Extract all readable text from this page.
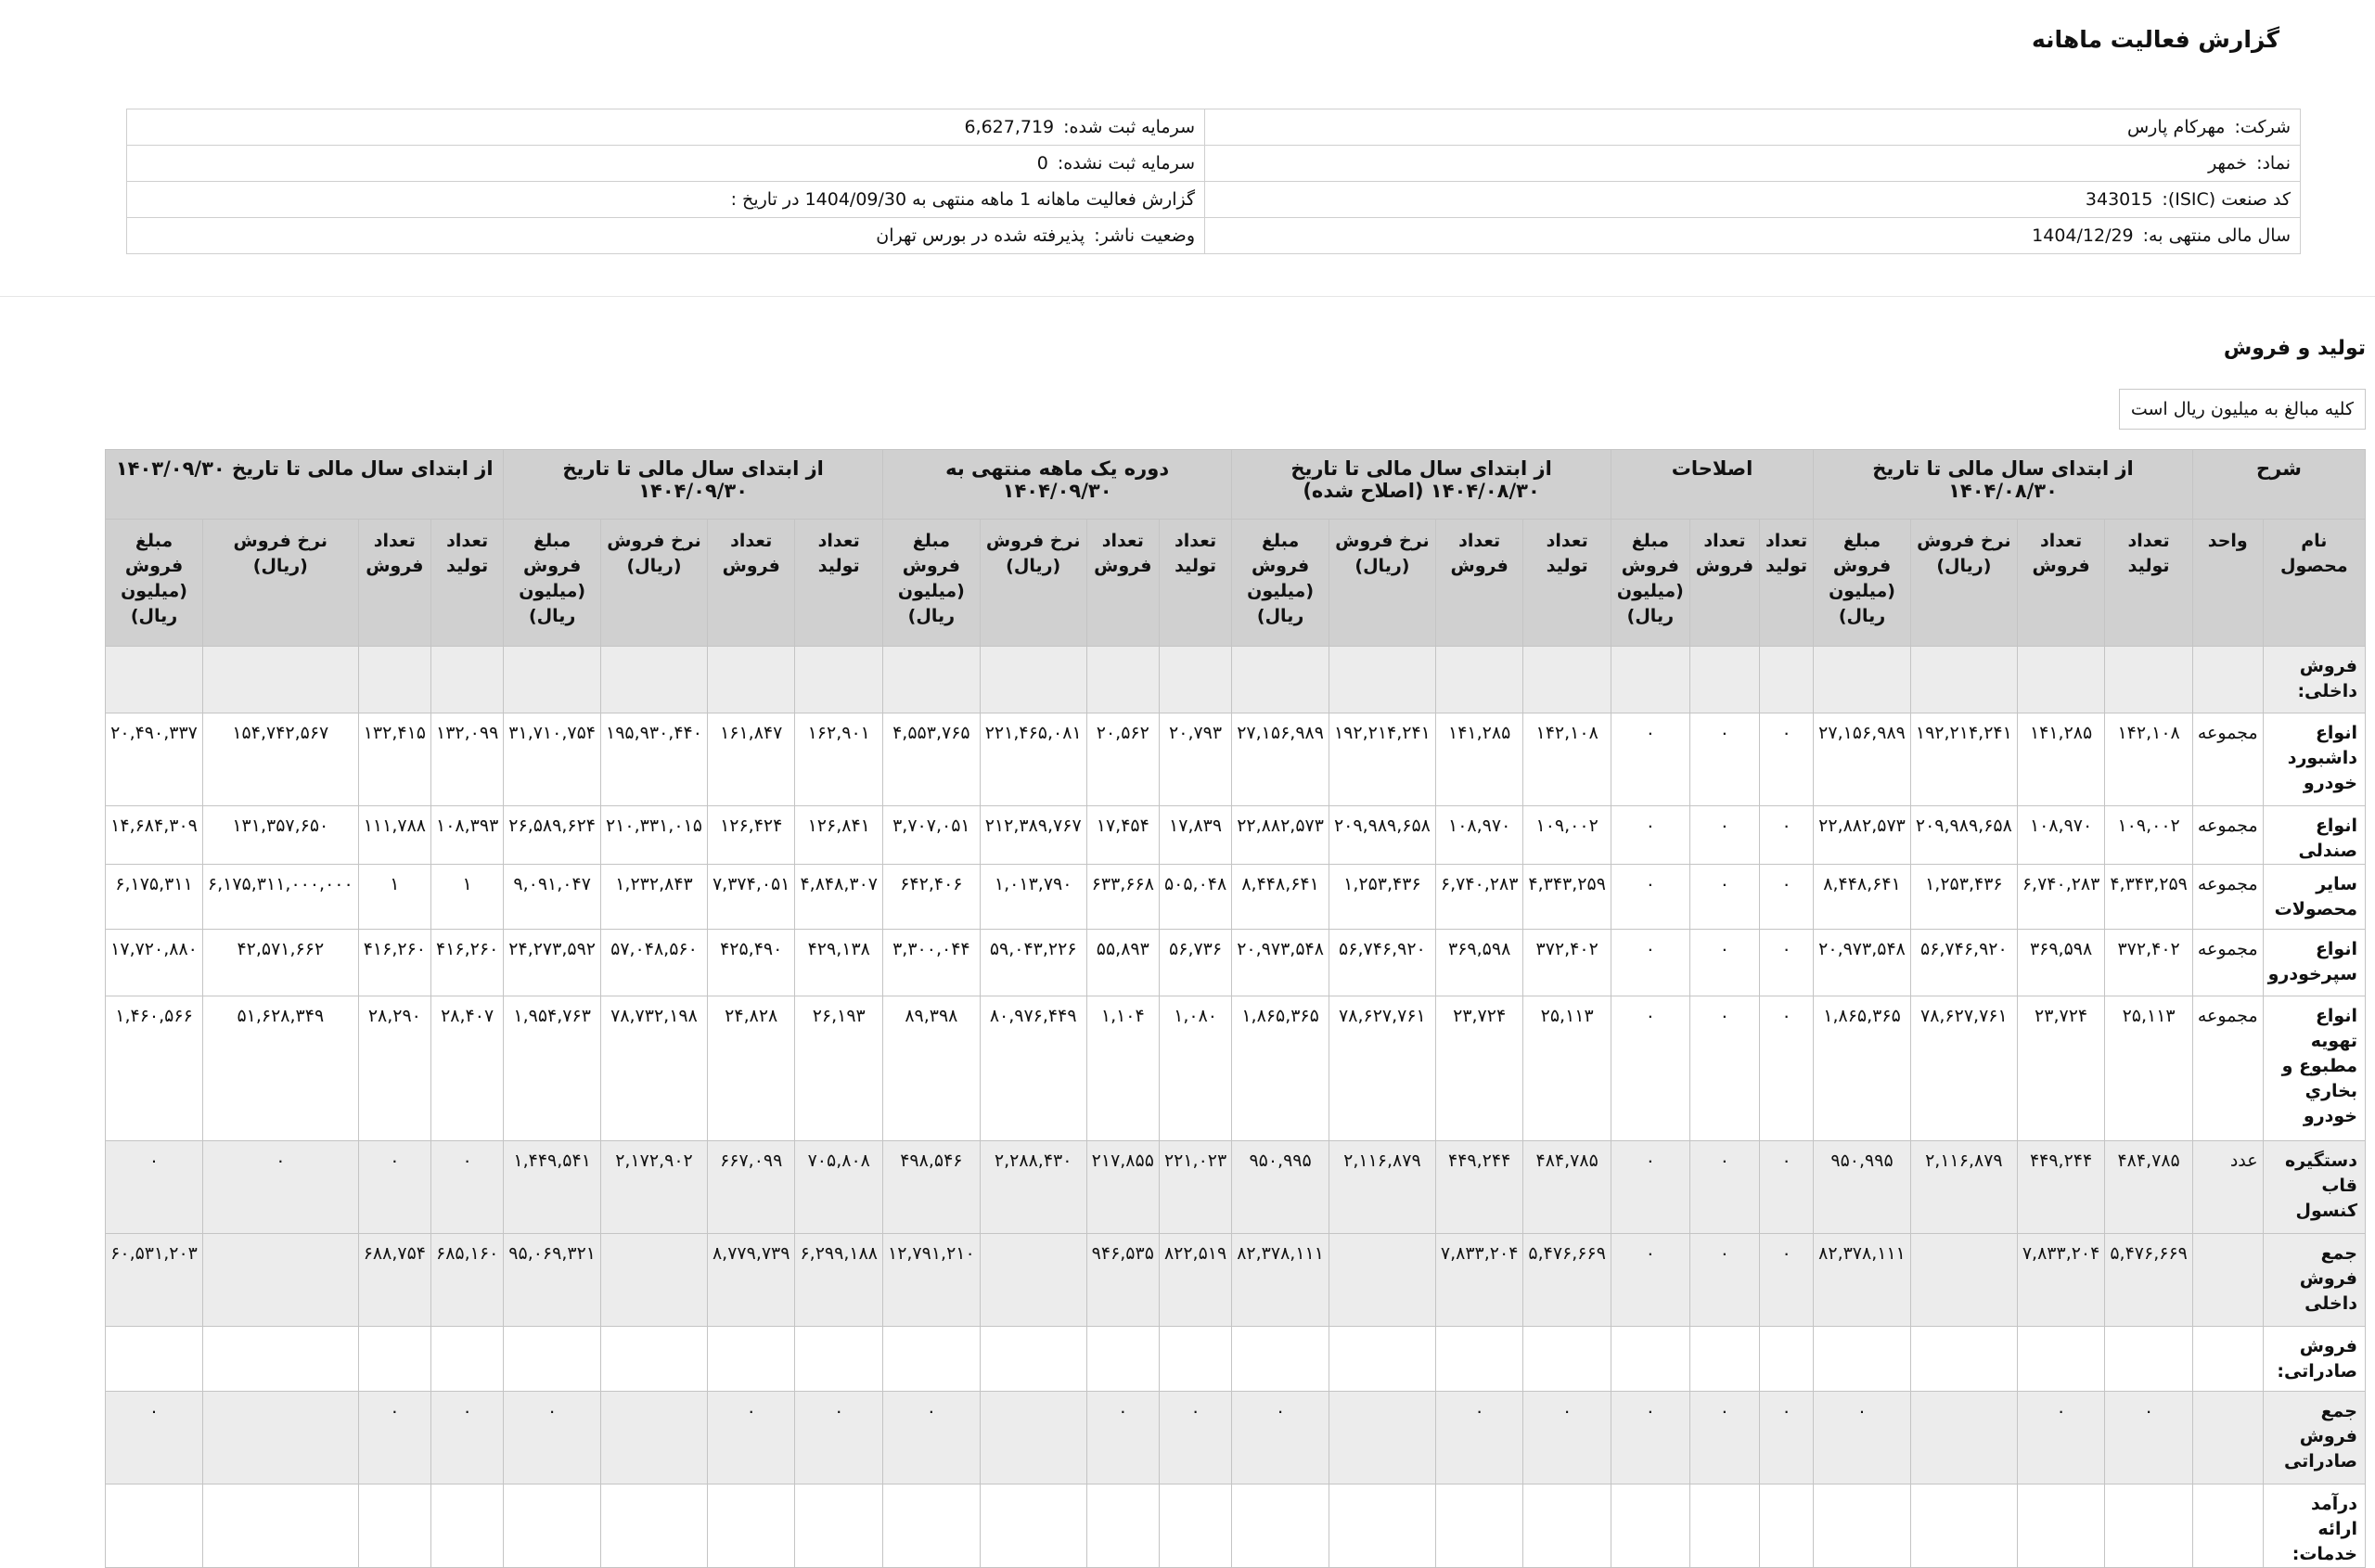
گزارش فعالیت ماهانه
شرکت:مهرکام پارس	سرمایه ثبت شده:6,627,719
نماد:خمهر	سرمایه ثبت نشده:0
کد صنعت (ISIC):343015	گزارش فعالیت ماهانه 1 ماهه منتهی به 1404/09/30 در تاریخ :
سال مالی منتهی به:1404/12/29	وضعیت ناشر:پذیرفته شده در بورس تهران
تولید و فروش
کلیه مبالغ به میلیون ریال است
شرح		از ابتدای سال مالی تا تاریخ ۱۴۰۴/۰۸/۳۰				اصلاحات			از ابتدای سال مالی تا تاریخ ۱۴۰۴/۰۸/۳۰ (اصلاح شده)				دوره یک ماهه منتهی به ۱۴۰۴/۰۹/۳۰				از ابتدای سال مالی تا تاریخ ۱۴۰۴/۰۹/۳۰				از ابتدای سال مالی تا تاریخ ۱۴۰۳/۰۹/۳۰			
نام محصول	واحد	تعداد تولید	تعداد فروش	نرخ فروش (ریال)	مبلغ فروش (میلیون ریال)	تعداد تولید	تعداد فروش	مبلغ فروش (میلیون ریال)	تعداد تولید	تعداد فروش	نرخ فروش (ریال)	مبلغ فروش (میلیون ریال)	تعداد تولید	تعداد فروش	نرخ فروش (ریال)	مبلغ فروش (میلیون ریال)	تعداد تولید	تعداد فروش	نرخ فروش (ریال)	مبلغ فروش (میلیون ریال)	تعداد تولید	تعداد فروش	نرخ فروش (ریال)	مبلغ فروش (میلیون ریال)
فروش داخلی:																								
انواع داشبورد خودرو	مجموعه	۱۴۲,۱۰۸	۱۴۱,۲۸۵	۱۹۲,۲۱۴,۲۴۱	۲۷,۱۵۶,۹۸۹	۰	۰	۰	۱۴۲,۱۰۸	۱۴۱,۲۸۵	۱۹۲,۲۱۴,۲۴۱	۲۷,۱۵۶,۹۸۹	۲۰,۷۹۳	۲۰,۵۶۲	۲۲۱,۴۶۵,۰۸۱	۴,۵۵۳,۷۶۵	۱۶۲,۹۰۱	۱۶۱,۸۴۷	۱۹۵,۹۳۰,۴۴۰	۳۱,۷۱۰,۷۵۴	۱۳۲,۰۹۹	۱۳۲,۴۱۵	۱۵۴,۷۴۲,۵۶۷	۲۰,۴۹۰,۳۳۷
انواع صندلی	مجموعه	۱۰۹,۰۰۲	۱۰۸,۹۷۰	۲۰۹,۹۸۹,۶۵۸	۲۲,۸۸۲,۵۷۳	۰	۰	۰	۱۰۹,۰۰۲	۱۰۸,۹۷۰	۲۰۹,۹۸۹,۶۵۸	۲۲,۸۸۲,۵۷۳	۱۷,۸۳۹	۱۷,۴۵۴	۲۱۲,۳۸۹,۷۶۷	۳,۷۰۷,۰۵۱	۱۲۶,۸۴۱	۱۲۶,۴۲۴	۲۱۰,۳۳۱,۰۱۵	۲۶,۵۸۹,۶۲۴	۱۰۸,۳۹۳	۱۱۱,۷۸۸	۱۳۱,۳۵۷,۶۵۰	۱۴,۶۸۴,۳۰۹
سایر محصولات	مجموعه	۴,۳۴۳,۲۵۹	۶,۷۴۰,۲۸۳	۱,۲۵۳,۴۳۶	۸,۴۴۸,۶۴۱	۰	۰	۰	۴,۳۴۳,۲۵۹	۶,۷۴۰,۲۸۳	۱,۲۵۳,۴۳۶	۸,۴۴۸,۶۴۱	۵۰۵,۰۴۸	۶۳۳,۶۶۸	۱,۰۱۳,۷۹۰	۶۴۲,۴۰۶	۴,۸۴۸,۳۰۷	۷,۳۷۴,۰۵۱	۱,۲۳۲,۸۴۳	۹,۰۹۱,۰۴۷	۱	۱	۶,۱۷۵,۳۱۱,۰۰۰,۰۰۰	۶,۱۷۵,۳۱۱
انواع سپرخودرو	مجموعه	۳۷۲,۴۰۲	۳۶۹,۵۹۸	۵۶,۷۴۶,۹۲۰	۲۰,۹۷۳,۵۴۸	۰	۰	۰	۳۷۲,۴۰۲	۳۶۹,۵۹۸	۵۶,۷۴۶,۹۲۰	۲۰,۹۷۳,۵۴۸	۵۶,۷۳۶	۵۵,۸۹۳	۵۹,۰۴۳,۲۲۶	۳,۳۰۰,۰۴۴	۴۲۹,۱۳۸	۴۲۵,۴۹۰	۵۷,۰۴۸,۵۶۰	۲۴,۲۷۳,۵۹۲	۴۱۶,۲۶۰	۴۱۶,۲۶۰	۴۲,۵۷۱,۶۶۲	۱۷,۷۲۰,۸۸۰
انواع تهویه مطبوع و بخاري خودرو	مجموعه	۲۵,۱۱۳	۲۳,۷۲۴	۷۸,۶۲۷,۷۶۱	۱,۸۶۵,۳۶۵	۰	۰	۰	۲۵,۱۱۳	۲۳,۷۲۴	۷۸,۶۲۷,۷۶۱	۱,۸۶۵,۳۶۵	۱,۰۸۰	۱,۱۰۴	۸۰,۹۷۶,۴۴۹	۸۹,۳۹۸	۲۶,۱۹۳	۲۴,۸۲۸	۷۸,۷۳۲,۱۹۸	۱,۹۵۴,۷۶۳	۲۸,۴۰۷	۲۸,۲۹۰	۵۱,۶۲۸,۳۴۹	۱,۴۶۰,۵۶۶
دستگیره قاب کنسول	عدد	۴۸۴,۷۸۵	۴۴۹,۲۴۴	۲,۱۱۶,۸۷۹	۹۵۰,۹۹۵	۰	۰	۰	۴۸۴,۷۸۵	۴۴۹,۲۴۴	۲,۱۱۶,۸۷۹	۹۵۰,۹۹۵	۲۲۱,۰۲۳	۲۱۷,۸۵۵	۲,۲۸۸,۴۳۰	۴۹۸,۵۴۶	۷۰۵,۸۰۸	۶۶۷,۰۹۹	۲,۱۷۲,۹۰۲	۱,۴۴۹,۵۴۱	۰	۰	۰	۰
جمع فروش داخلی		۵,۴۷۶,۶۶۹	۷,۸۳۳,۲۰۴		۸۲,۳۷۸,۱۱۱	۰	۰	۰	۵,۴۷۶,۶۶۹	۷,۸۳۳,۲۰۴		۸۲,۳۷۸,۱۱۱	۸۲۲,۵۱۹	۹۴۶,۵۳۵		۱۲,۷۹۱,۲۱۰	۶,۲۹۹,۱۸۸	۸,۷۷۹,۷۳۹		۹۵,۰۶۹,۳۲۱	۶۸۵,۱۶۰	۶۸۸,۷۵۴		۶۰,۵۳۱,۲۰۳
فروش صادراتی:																								
جمع فروش صادراتی		۰	۰		۰	۰	۰	۰	۰	۰		۰	۰	۰		۰	۰	۰		۰	۰	۰		۰
درآمد ارائه خدمات:																								
